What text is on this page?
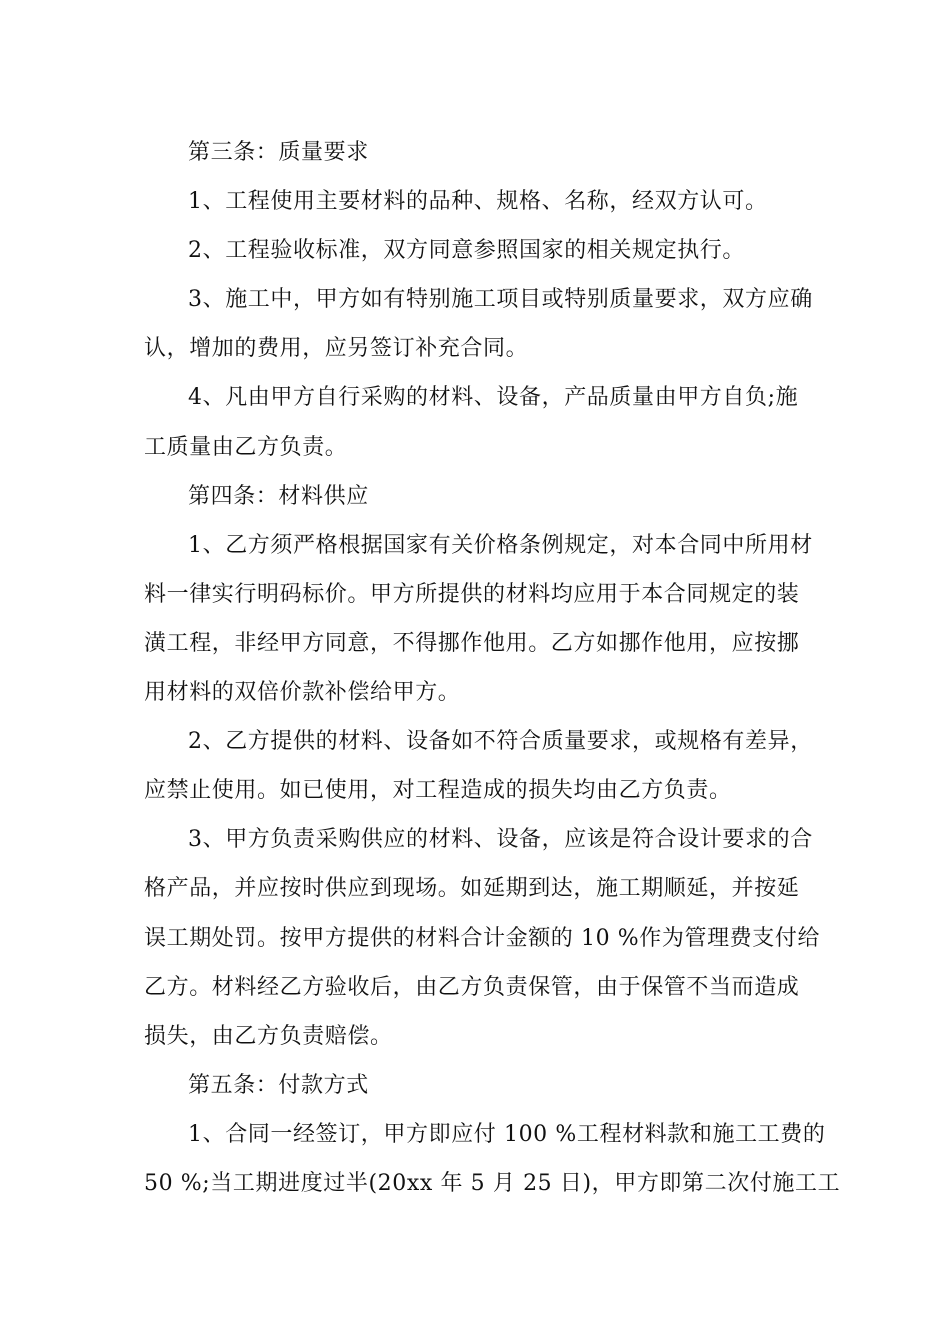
第三条：质量要求
1、工程使用主要材料的品种、规格、名称，经双方认可。
2、工程验收标准，双方同意参照国家的相关规定执行。
3、施工中，甲方如有特别施工项目或特别质量要求，双方应确
认，增加的费用，应另签订补充合同。
4、凡由甲方自行采购的材料、设备，产品质量由甲方自负;施
工质量由乙方负责。
第四条：材料供应
1、乙方须严格根据国家有关价格条例规定，对本合同中所用材
料一律实行明码标价。甲方所提供的材料均应用于本合同规定的装
潢工程，非经甲方同意，不得挪作他用。乙方如挪作他用，应按挪
用材料的双倍价款补偿给甲方。
2、乙方提供的材料、设备如不符合质量要求，或规格有差异，
应禁止使用。如已使用，对工程造成的损失均由乙方负责。
3、甲方负责采购供应的材料、设备，应该是符合设计要求的合
格产品，并应按时供应到现场。如延期到达，施工期顺延，并按延
误工期处罚。按甲方提供的材料合计金额的 10 %作为管理费支付给
乙方。材料经乙方验收后，由乙方负责保管，由于保管不当而造成
损失，由乙方负责赔偿。
第五条：付款方式
1、合同一经签订，甲方即应付 100 %工程材料款和施工工费的
50 %;当工期进度过半(20xx 年 5 月 25 日)，甲方即第二次付施工工
